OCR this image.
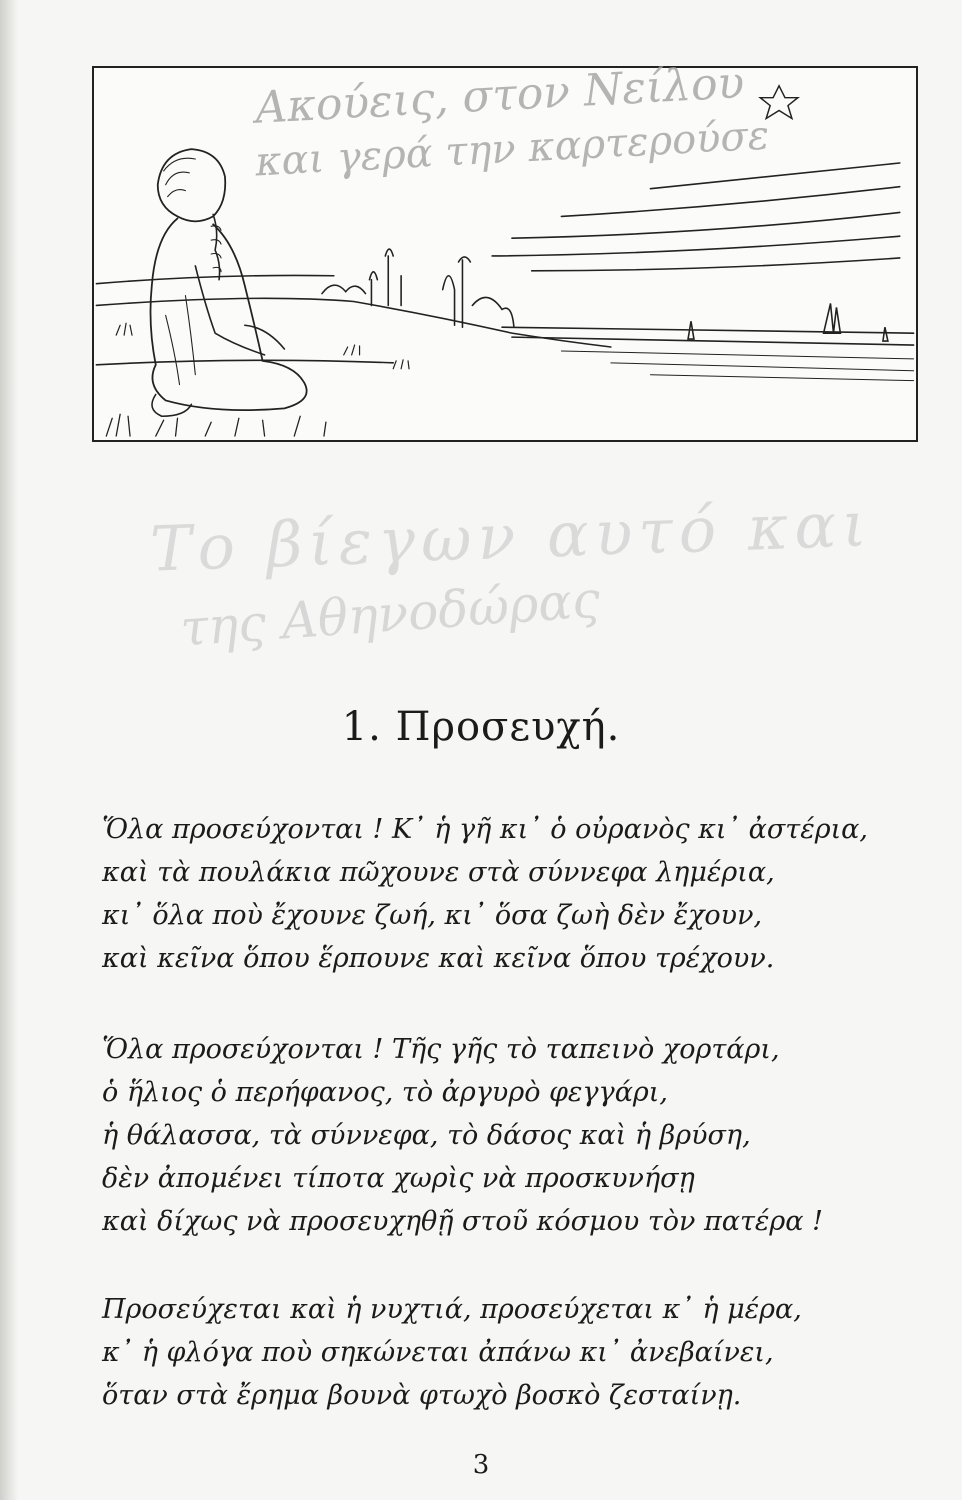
Ακούεις, στον Νείλου
και γερά την καρτερούσε
Το βίεγων αυτό και
της Αθηνοδώρας
1. Προσευχή.
Ὅλα προσεύχονται ! Κ᾽ ἡ γῆ κι᾽ ὁ οὐρανὸς κι᾽ ἀστέρια,
καὶ τὰ πουλάκια πῶχουνε στὰ σύννεφα λημέρια,
κι᾽ ὅλα ποὺ ἔχουνε ζωή, κι᾽ ὅσα ζωὴ δὲν ἔχουν,
καὶ κεῖνα ὅπου ἕρπουνε καὶ κεῖνα ὅπου τρέχουν.
Ὅλα προσεύχονται ! Τῆς γῆς τὸ ταπεινὸ χορτάρι,
ὁ ἥλιος ὁ περήφανος, τὸ ἀργυρὸ φεγγάρι,
ἡ θάλασσα, τὰ σύννεφα, τὸ δάσος καὶ ἡ βρύση,
δὲν ἀπομένει τίποτα χωρὶς νὰ προσκυνήσῃ
καὶ δίχως νὰ προσευχηθῇ στοῦ κόσμου τὸν πατέρα !
Προσεύχεται καὶ ἡ νυχτιά, προσεύχεται κ᾽ ἡ μέρα,
κ᾽ ἡ φλόγα ποὺ σηκώνεται ἀπάνω κι᾽ ἀνεβαίνει,
ὅταν στὰ ἔρημα βουνὰ φτωχὸ βοσκὸ ζεσταίνῃ.
3
